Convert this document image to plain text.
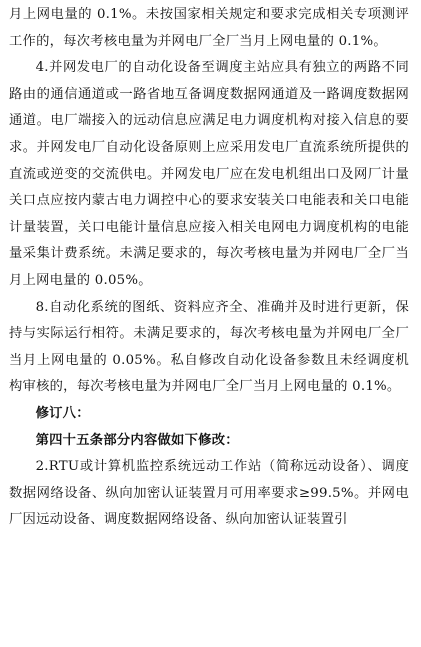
月上网电量的 0.1%。未按国家相关规定和要求完成相关专项测评工作的，每次考核电量为并网电厂全厂当月上网电量的 0.1%。

4.并网发电厂的自动化设备至调度主站应具有独立的两路不同路由的通信通道或一路省地互备调度数据网通道及一路调度数据网通道。电厂端接入的远动信息应满足电力调度机构对接入信息的要求。并网发电厂自动化设备原则上应采用发电厂直流系统所提供的直流或逆变的交流供电。并网发电厂应在发电机组出口及网厂计量关口点应按内蒙古电力调控中心的要求安装关口电能表和关口电能计量装置，关口电能计量信息应接入相关电网电力调度机构的电能量采集计费系统。未满足要求的，每次考核电量为并网电厂全厂当月上网电量的 0.05%。

8.自动化系统的图纸、资料应齐全、准确并及时进行更新，保持与实际运行相符。未满足要求的，每次考核电量为并网电厂全厂当月上网电量的 0.05%。私自修改自动化设备参数且未经调度机构审核的，每次考核电量为并网电厂全厂当月上网电量的 0.1%。

修订八：

第四十五条部分内容做如下修改：

2.RTU或计算机监控系统远动工作站（简称远动设备）、调度数据网络设备、纵向加密认证装置月可用率要求≥99.5%。并网电厂因远动设备、调度数据网络设备、纵向加密认证装置引
